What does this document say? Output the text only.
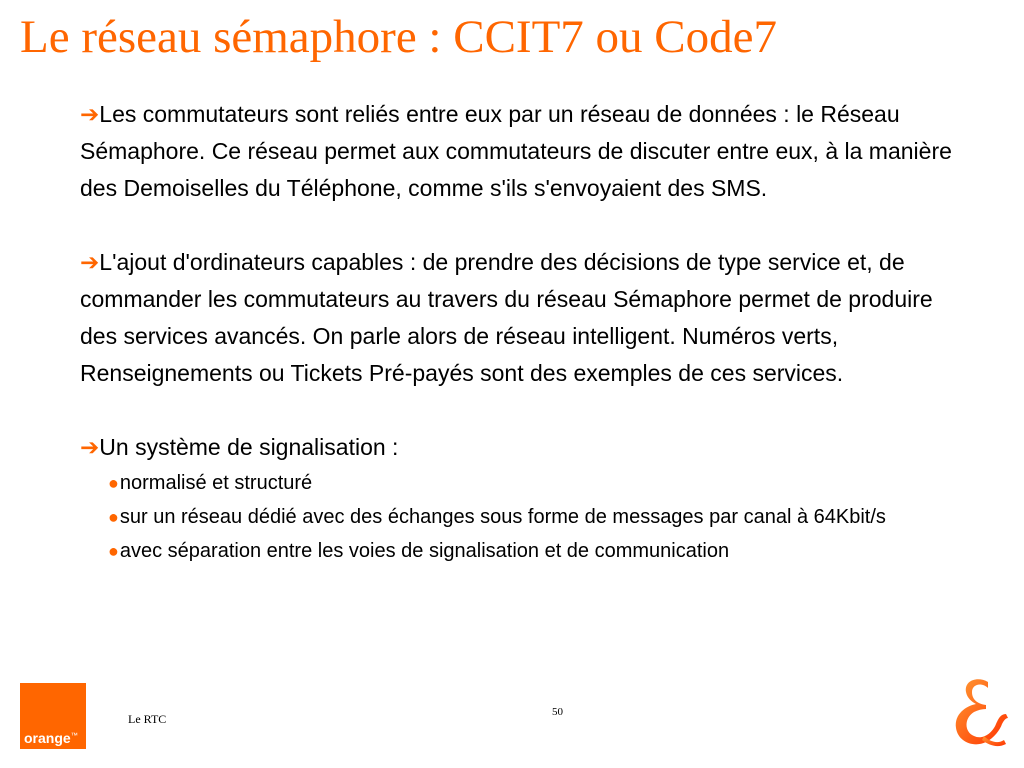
Le réseau sémaphore : CCIT7 ou Code7

➔Les commutateurs sont reliés entre eux par un réseau de données : le Réseau Sémaphore. Ce réseau permet aux commutateurs de discuter entre eux, à la manière des Demoiselles du Téléphone, comme s'ils s'envoyaient des SMS.

➔L'ajout d'ordinateurs capables : de prendre des décisions de type service et, de commander les commutateurs au travers du réseau Sémaphore permet de produire des services avancés. On parle alors de réseau intelligent. Numéros verts, Renseignements ou Tickets Pré-payés sont des exemples de ces services.

➔Un système de signalisation :

●normalisé et structuré

●sur un réseau dédié avec des échanges sous forme de messages par canal à 64Kbit/s

●avec séparation entre les voies de signalisation et de communication

orange™
Le RTC	50
